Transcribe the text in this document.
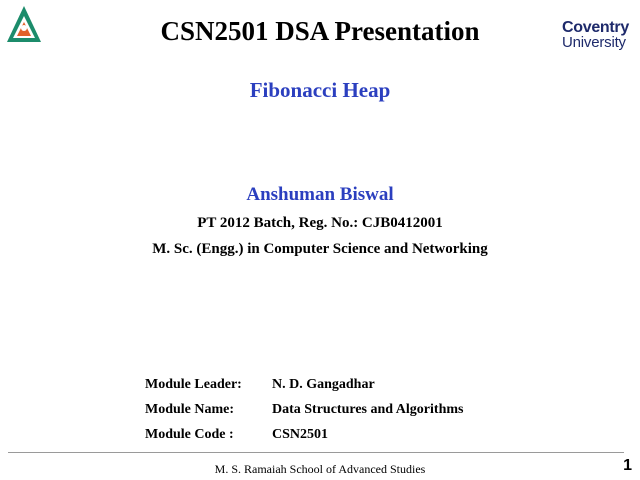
CSN2501 DSA Presentation	Coventry
University
Fibonacci Heap
Anshuman Biswal
PT 2012 Batch, Reg. No.: CJB0412001
M. Sc. (Engg.) in Computer Science and Networking
Module Leader:	N. D. Gangadhar
Module Name:	Data Structures and Algorithms
Module Code :	CSN2501
M. S. Ramaiah School of Advanced Studies	1
